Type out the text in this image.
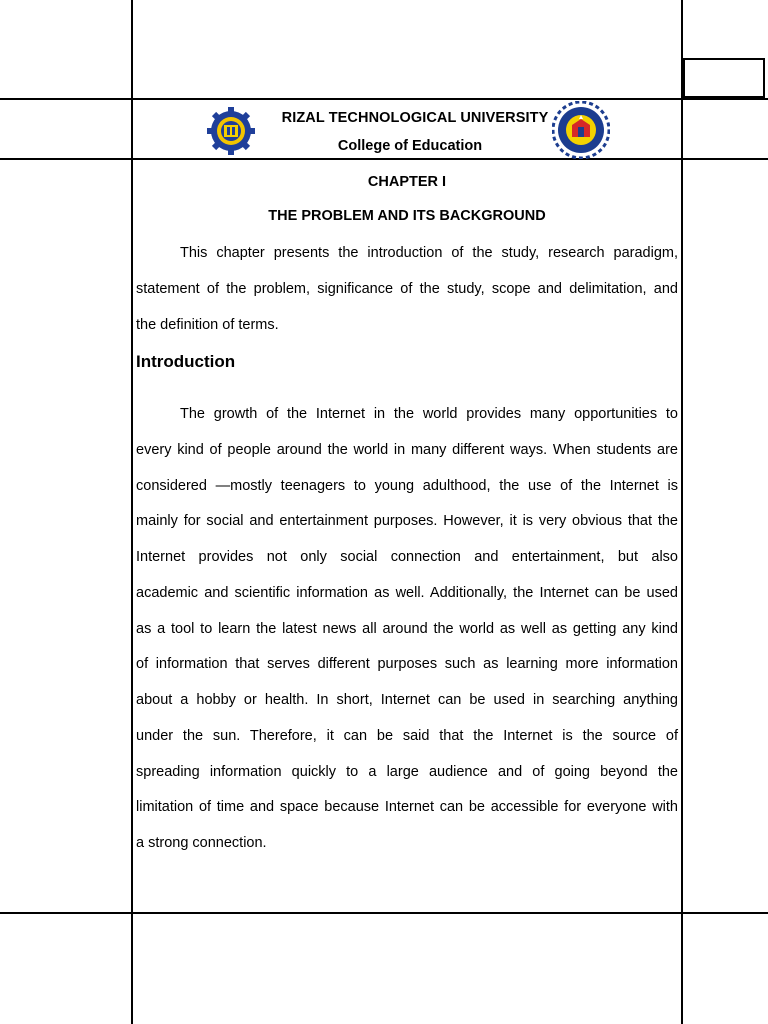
RIZAL TECHNOLOGICAL UNIVERSITY
College of Education
CHAPTER I
THE PROBLEM AND ITS BACKGROUND
This chapter presents the introduction of the study, research paradigm,
statement of the problem, significance of the study, scope and delimitation, and
the definition of terms.
Introduction
The growth of the Internet in the world provides many opportunities to
every kind of people around the world in many different ways. When students are
considered —mostly teenagers to young adulthood, the use of the Internet is
mainly for social and entertainment purposes. However, it is very obvious that the
Internet provides not only social connection and entertainment, but also
academic and scientific information as well. Additionally, the Internet can be used
as a tool to learn the latest news all around the world as well as getting any kind
of information that serves different purposes such as learning more information
about a hobby or health. In short, Internet can be used in searching anything
under the sun. Therefore, it can be said that the Internet is the source of
spreading information quickly to a large audience and of going beyond the
limitation of time and space because Internet can be accessible for everyone with
a strong connection.
